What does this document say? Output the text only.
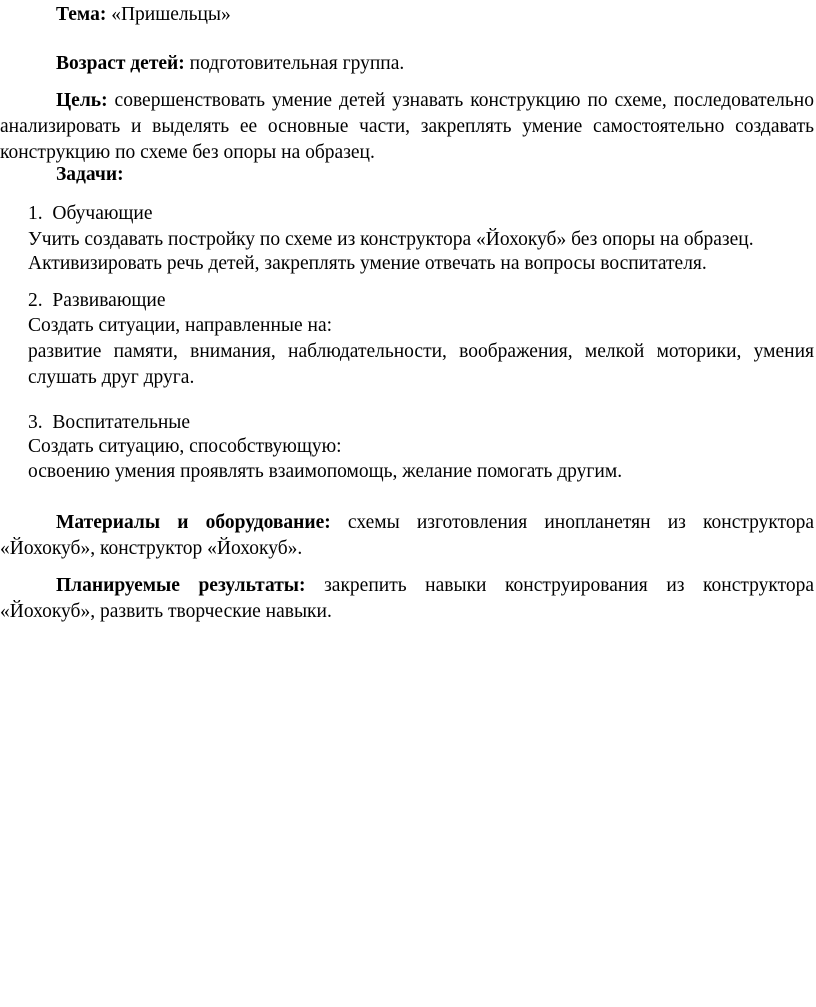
Тема: «Пришельцы»
Возраст детей: подготовительная группа.
Цель: совершенствовать умение детей узнавать конструкцию по схеме, последовательно анализировать и выделять ее основные части, закреплять умение самостоятельно создавать конструкцию по схеме без опоры на образец.
Задачи:
1. Обучающие
Учить создавать постройку по схеме из конструктора «Йохокуб» без опоры на образец.
Активизировать речь детей, закреплять умение отвечать на вопросы воспитателя.
2. Развивающие
Создать ситуации, направленные на:
развитие памяти, внимания, наблюдательности, воображения, мелкой моторики, умения слушать друг друга.
3. Воспитательные
Создать ситуацию, способствующую:
освоению умения проявлять взаимопомощь, желание помогать другим.
Материалы и оборудование: схемы изготовления инопланетян из конструктора «Йохокуб», конструктор «Йохокуб».
Планируемые результаты: закрепить навыки конструирования из конструктора «Йохокуб», развить творческие навыки.
